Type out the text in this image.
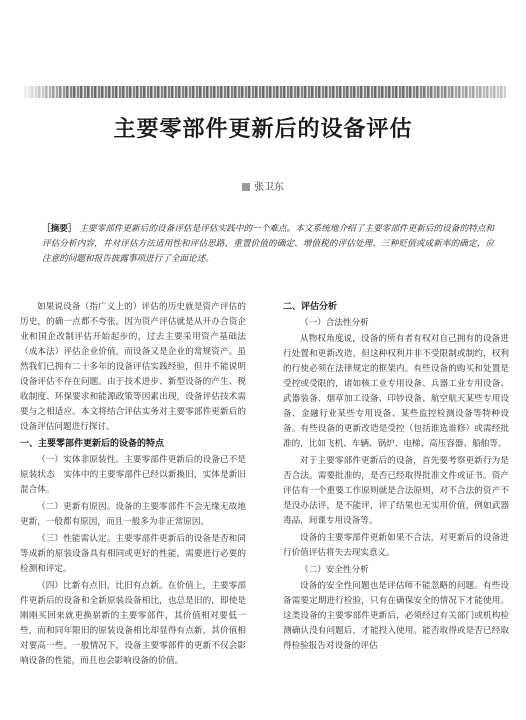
主要零部件更新后的设备评估
张卫东
［摘要］ 主要零部件更新后的设备评估是评估实践中的一个难点。本文系统地介绍了主要零部件更新后的设备的特点和评估分析内容，并对评估方法适用性和评估思路、重置价值的确定、增值税的评估处理、三种贬值或成新率的确定、应注意的问题和报告披露事项进行了全面论述。

如果说设备（指广义上的）评估的历史就是资产评估的历史，的确一点都不夸张。因为资产评估就是从开办合资企业和国企改制评估开始起步的，过去主要采用资产基础法（成本法）评估企业价值，而设备又是企业的常规资产。虽然我们已拥有二十多年的设备评估实践经验，但并不能说明设备评估不存在问题。由于技术进步、新型设备的产生、税收制度、环保要求和能源政策等因素出现，设备评估技术需要与之相适应。本文将结合评估实务对主要零部件更新后的设备评估问题进行探讨。

一、主要零部件更新后的设备的特点

（一）实体非原装性。主要零部件更新后的设备已不是原装状态　实体中的主要零部件已经以新换旧，实体是新旧混合体。

（二）更新有原因。设备的主要零部件不会无缘无故地更新，一般都有原因，而且一般多为非正常原因。

（三）性能需认定。主要零部件更新后的设备是否和同等成新的原装设备具有相同或更好的性能，需要进行必要的检测和评定。

（四）比新有点旧，比旧有点新。在价值上，主要零部件更新后的设备和全新原装设备相比，也总是旧的，即使是刚刚买回来就更换崭新的主要零部件，其价值相对要低一些，而和同年限旧的原装设备相比却显得有点新，其价值相对要高一些。一般情况下，设备主要零部件的更新不仅会影响设备的性能，而且也会影响设备的价值。

二、评估分析
（一）合法性分析

从物权角度说，设备的所有者有权对自己拥有的设备进行处置和更新改造，但这种权利并非不受限制或制约，权利的行使必须在法律规定的框架内。有些设备的购买和处置是受控或受限的，诸如核工业专用设备、兵器工业专用设备、武器装备、烟草加工设备、印钞设备、航空航天某些专用设备、金融行业某些专用设备、某些监控检测设备等特种设备。有些设备的更新改造是受控（包括谁选谁修）或需经批准的，比如飞机、车辆、锅炉、电梯、高压容器、船舶等。

对于主要零部件更新后的设备，首先要考察更新行为是否合法。需要批准的，是否已经取得批准文件或证书。资产评估有一个重要工作原则就是合法原则，对不合法的资产不是没办法评，是不能评，评了结果也无实用价值，例如武器　毒品，间谍专用设备等。

设备的主要零部件更新如果不合法，对更新后的设备进行价值评估将失去现实意义。

（二）安全性分析

设备的安全性问题也是评估师不能忽略的问题。有些设备需要定期进行检验，只有在确保安全的情况下才能使用。这类设备的主要零部件更新后，必须经过有关部门或机构检测确认没有问题后，才能投入使用。能否取得或是否已经取得检验报告对设备的评估
